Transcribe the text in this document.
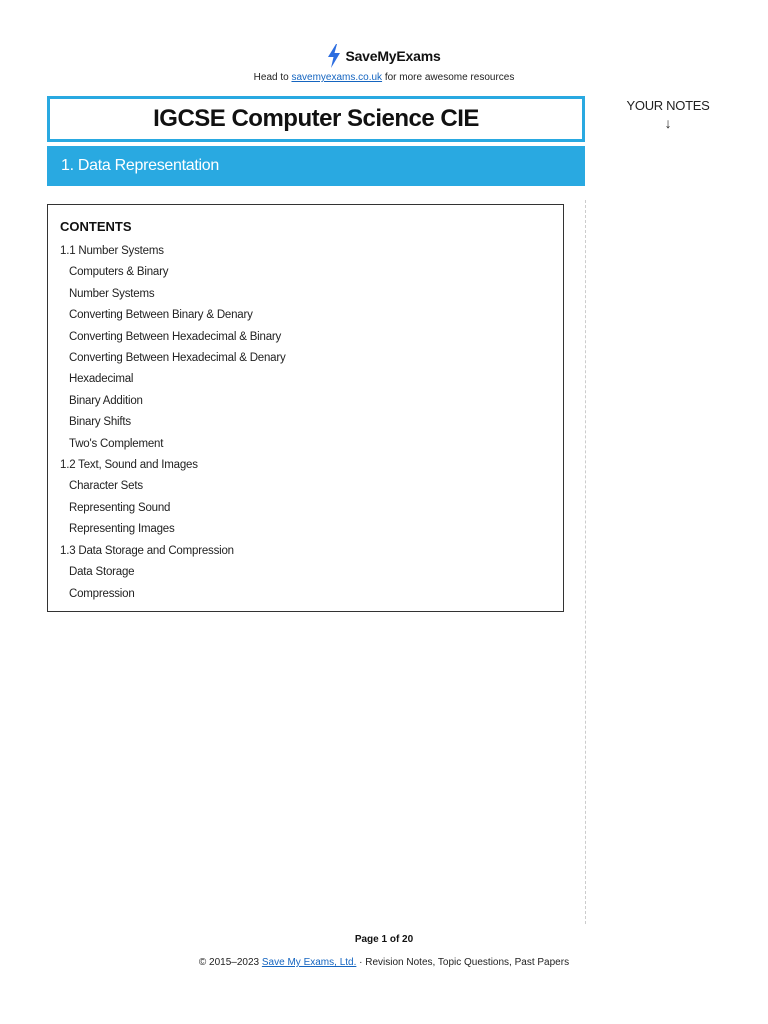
SaveMyExams
Head to savemyexams.co.uk for more awesome resources
IGCSE Computer Science CIE
1. Data Representation
YOUR NOTES
↓
CONTENTS
1.1 Number Systems
Computers & Binary
Number Systems
Converting Between Binary & Denary
Converting Between Hexadecimal & Binary
Converting Between Hexadecimal & Denary
Hexadecimal
Binary Addition
Binary Shifts
Two's Complement
1.2 Text, Sound and Images
Character Sets
Representing Sound
Representing Images
1.3 Data Storage and Compression
Data Storage
Compression
Page 1 of 20
© 2015–2023 Save My Exams, Ltd. · Revision Notes, Topic Questions, Past Papers
